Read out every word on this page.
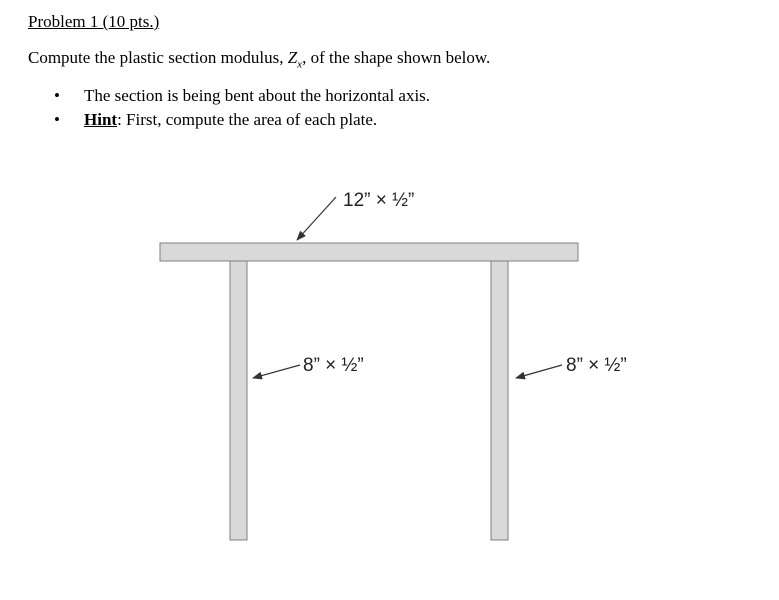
Problem 1 (10 pts.)

Compute the plastic section modulus, $Z_x$, of the shape shown below.

• The section is being bent about the horizontal axis.
• Hint: First, compute the area of each plate.
12” × ½”
8” × ½”	8” × ½”
